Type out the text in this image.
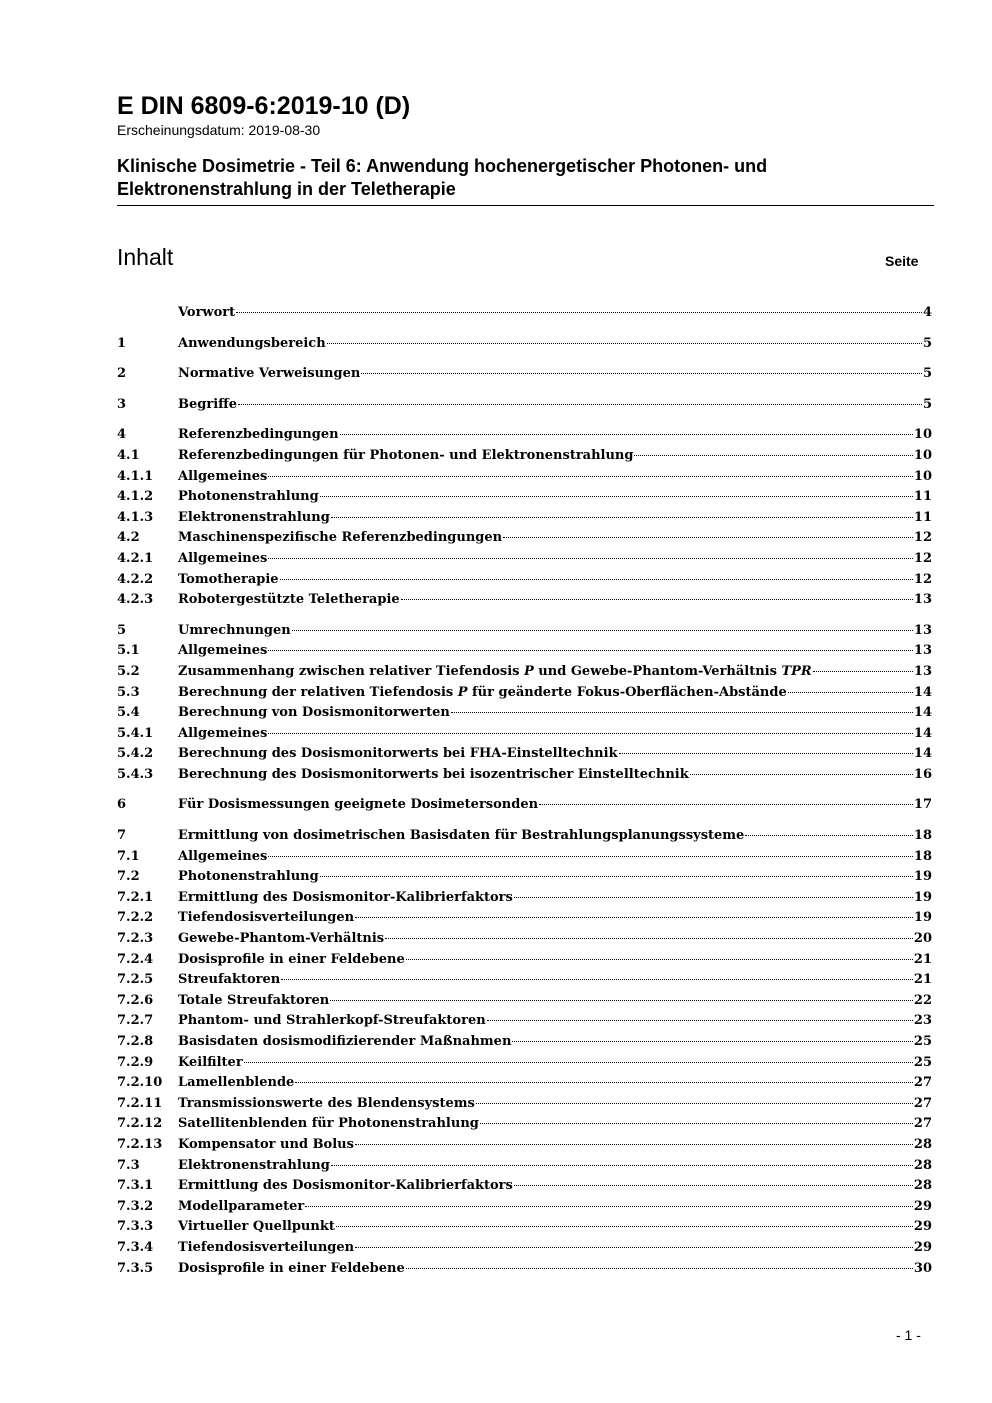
E DIN 6809-6:2019-10 (D)

Erscheinungsdatum: 2019-08-30

Klinische Dosimetrie - Teil 6: Anwendung hochenergetischer Photonen- und
Elektronenstrahlung in der Teletherapie

Inhalt	Seite
Vorwort	4
1	Anwendungsbereich	5
2	Normative Verweisungen	5
3	Begriffe	5
4	Referenzbedingungen	10
4.1	Referenzbedingungen für Photonen- und Elektronenstrahlung	10
4.1.1	Allgemeines	10
4.1.2	Photonenstrahlung	11
4.1.3	Elektronenstrahlung	11
4.2	Maschinenspezifische Referenzbedingungen	12
4.2.1	Allgemeines	12
4.2.2	Tomotherapie	12
4.2.3	Robotergestützte Teletherapie	13
5	Umrechnungen	13
5.1	Allgemeines	13
5.2	Zusammenhang zwischen relativer Tiefendosis P und Gewebe-Phantom-Verhältnis TPR	13
5.3	Berechnung der relativen Tiefendosis P für geänderte Fokus-Oberflächen-Abstände	14
5.4	Berechnung von Dosismonitorwerten	14
5.4.1	Allgemeines	14
5.4.2	Berechnung des Dosismonitorwerts bei FHA-Einstelltechnik	14
5.4.3	Berechnung des Dosismonitorwerts bei isozentrischer Einstelltechnik	16
6	Für Dosismessungen geeignete Dosimetersonden	17
7	Ermittlung von dosimetrischen Basisdaten für Bestrahlungsplanungssysteme	18
7.1	Allgemeines	18
7.2	Photonenstrahlung	19
7.2.1	Ermittlung des Dosismonitor-Kalibrierfaktors	19
7.2.2	Tiefendosisverteilungen	19
7.2.3	Gewebe-Phantom-Verhältnis	20
7.2.4	Dosisprofile in einer Feldebene	21
7.2.5	Streufaktoren	21
7.2.6	Totale Streufaktoren	22
7.2.7	Phantom- und Strahlerkopf-Streufaktoren	23
7.2.8	Basisdaten dosismodifizierender Maßnahmen	25
7.2.9	Keilfilter	25
7.2.10	Lamellenblende	27
7.2.11	Transmissionswerte des Blendensystems	27
7.2.12	Satellitenblenden für Photonenstrahlung	27
7.2.13	Kompensator und Bolus	28
7.3	Elektronenstrahlung	28
7.3.1	Ermittlung des Dosismonitor-Kalibrierfaktors	28
7.3.2	Modellparameter	29
7.3.3	Virtueller Quellpunkt	29
7.3.4	Tiefendosisverteilungen	29
7.3.5	Dosisprofile in einer Feldebene	30
- 1 -
